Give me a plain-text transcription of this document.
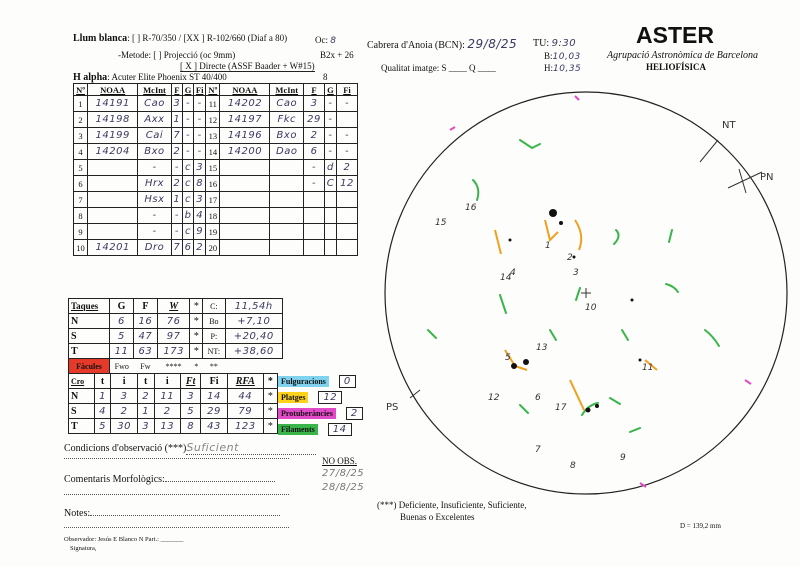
Llum blanca: [ ] R-70/350 / [XX ] R-102/660 (Diaf a 80)	Oc: 8
-Metode: [ ] Projecció (oc 9mm)	B2x + 26
[ X ] Directe (ASSF Baader + W#15)
H alpha: Acuter Elite Phoenix ST 40/400	8
Cabrera d'Anoia (BCN): 29/8/25 TU: 9:30
B:10,03
H:10,35
Qualitat imatge: S ____ Q ____
ASTER
Agrupació Astronòmica de Barcelona
HELIOFÍSICA
Nº	NOAA	McInt	F	G	Fi	Nº	NOAA	McInt	F	G	Fi
1	14191	Cao	3	-	-	11	14202	Cao	3	-	-
2	14198	Axx	1	-	-	12	14197	Fkc	29	-	
3	14199	Cai	7	-	-	13	14196	Bxo	2	-	-
4	14204	Bxo	2	-	-	14	14200	Dao	6	-	-
5		-	-	c	3	15			-	d	2
6		Hrx	2	c	8	16			-	C	12
7		Hsx	1	c	3	17					
8		-	-	b	4	18					
9		-	-	c	9	19					
10	14201	Dro	7	6	2	20					
Taques	G	F	W	*	C:	11,54h
N	6	16	76	*	Bo	+7,10
S	5	47	97	*	P:	+20,40
T	11	63	173	*	NT:	+38,60
Fàcules	Fwo	Fw	****	*	**	
Cro	t	i	t	i	Ft	Fi	RFA	*
N	1	3	2	11	3	14	44	*
S	4	2	1	2	5	29	79	*
T	5	30	3	13	8	43	123	*
Fulguracions	0
Platges	12
Protuberàncies	2
Filaments	14
Condicions d'observació (***)Suficient
Comentaris Morfològics:
Notes:
Observador: Jesús E Blanco N Part.: _______
Signatura,
NO OBS.
27/8/25
28/8/25
(***) Deficiente, Insuficiente, Suficiente,
Buenas o Excelentes
D = 139,2 mm
1
2
3
4
5
6
7
8
9
10
11
12
13
14
15
16
17
NT
PN
PS
